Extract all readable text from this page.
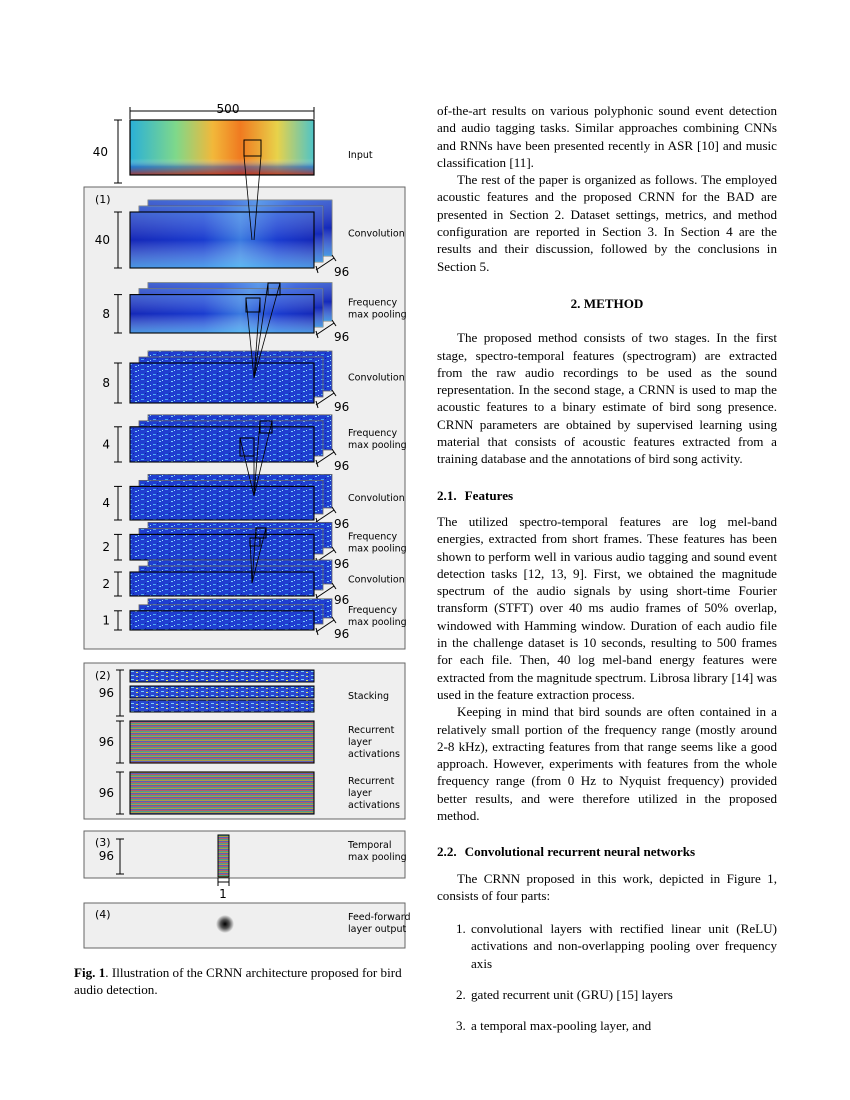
500
40	Input
(1)
(2)
(3)
(4)
40
96
Convolution
8
96
Frequency
max pooling
8
96
Convolution
4
96
Frequency
max pooling
4
96
Convolution
2
96
Frequency
max pooling
2
96
Convolution
1
96
Frequency
max pooling
96	Stacking
96
Recurrent
layer
activations
96
Recurrent
layer
activations
96
1
Temporal
max pooling
Feed-forward
layer output
Fig. 1. Illustration of the CRNN architecture proposed for bird audio detection.

of-the-art results on various polyphonic sound event detection and audio tagging tasks. Similar approaches combining CNNs and RNNs have been presented recently in ASR [10] and music classification [11].

The rest of the paper is organized as follows. The employed acoustic features and the proposed CRNN for the BAD are presented in Section 2. Dataset settings, metrics, and method configuration are reported in Section 3. In Section 4 are the results and their discussion, followed by the conclusions in Section 5.

2. METHOD

The proposed method consists of two stages. In the first stage, spectro-temporal features (spectrogram) are extracted from the raw audio recordings to be used as the sound representation. In the second stage, a CRNN is used to map the acoustic features to a binary estimate of bird song presence. CRNN parameters are obtained by supervised learning using material that consists of acoustic features extracted from a training database and the annotations of bird song activity.

2.1. Features

The utilized spectro-temporal features are log mel-band energies, extracted from short frames. These features has been shown to perform well in various audio tagging and sound event detection tasks [12, 13, 9]. First, we obtained the magnitude spectrum of the audio signals by using short-time Fourier transform (STFT) over 40 ms audio frames of 50% overlap, windowed with Hamming window. Duration of each audio file in the challenge dataset is 10 seconds, resulting to 500 frames for each file. Then, 40 log mel-band energy features were extracted from the magnitude spectrum. Librosa library [14] was used in the feature extraction process.

Keeping in mind that bird sounds are often contained in a relatively small portion of the frequency range (mostly around 2-8 kHz), extracting features from that range seems like a good approach. However, experiments with features from the whole frequency range (from 0 Hz to Nyquist frequency) provided better results, and were therefore utilized in the proposed method.

2.2. Convolutional recurrent neural networks

The CRNN proposed in this work, depicted in Figure 1, consists of four parts:

1. convolutional layers with rectified linear unit (ReLU) activations and non-overlapping pooling over frequency axis
2. gated recurrent unit (GRU) [15] layers
3. a temporal max-pooling layer, and
